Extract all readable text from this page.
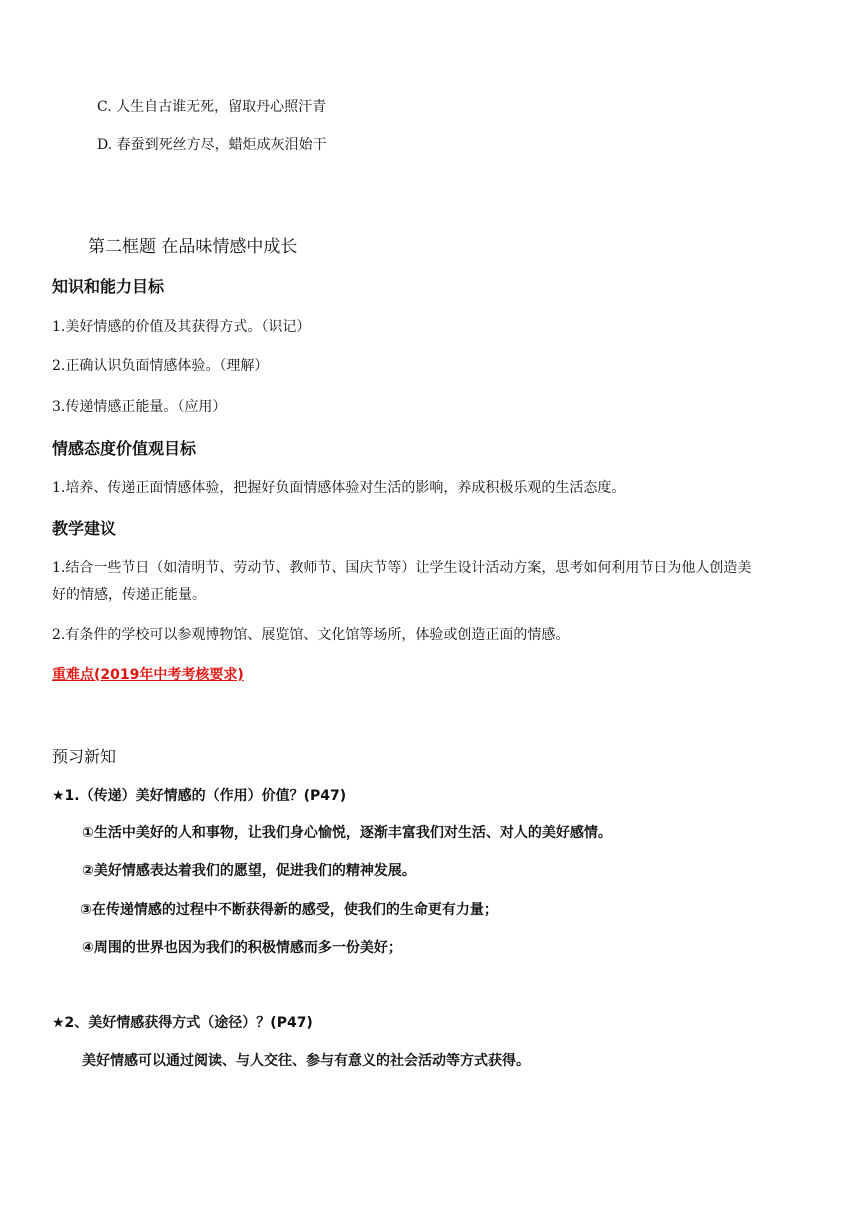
C. 人生自古谁无死，留取丹心照汗青
D. 春蚕到死丝方尽，蜡炬成灰泪始干
第二框题 在品味情感中成长
知识和能力目标
1.美好情感的价值及其获得方式。（识记）
2.正确认识负面情感体验。（理解）
3.传递情感正能量。（应用）
情感态度价值观目标
1.培养、传递正面情感体验，把握好负面情感体验对生活的影响，养成积极乐观的生活态度。
教学建议
1.结合一些节日（如清明节、劳动节、教师节、国庆节等）让学生设计活动方案，思考如何利用节日为他人创造美
好的情感，传递正能量。
2.有条件的学校可以参观博物馆、展览馆、文化馆等场所，体验或创造正面的情感。
重难点(2019年中考考核要求)
预习新知
★1.（传递）美好情感的（作用）价值？(P47)
①生活中美好的人和事物，让我们身心愉悦，逐渐丰富我们对生活、对人的美好感情。
②美好情感表达着我们的愿望，促进我们的精神发展。
③在传递情感的过程中不断获得新的感受，使我们的生命更有力量；
④周围的世界也因为我们的积极情感而多一份美好；
★2、美好情感获得方式（途径）？(P47)
美好情感可以通过阅读、与人交往、参与有意义的社会活动等方式获得。
